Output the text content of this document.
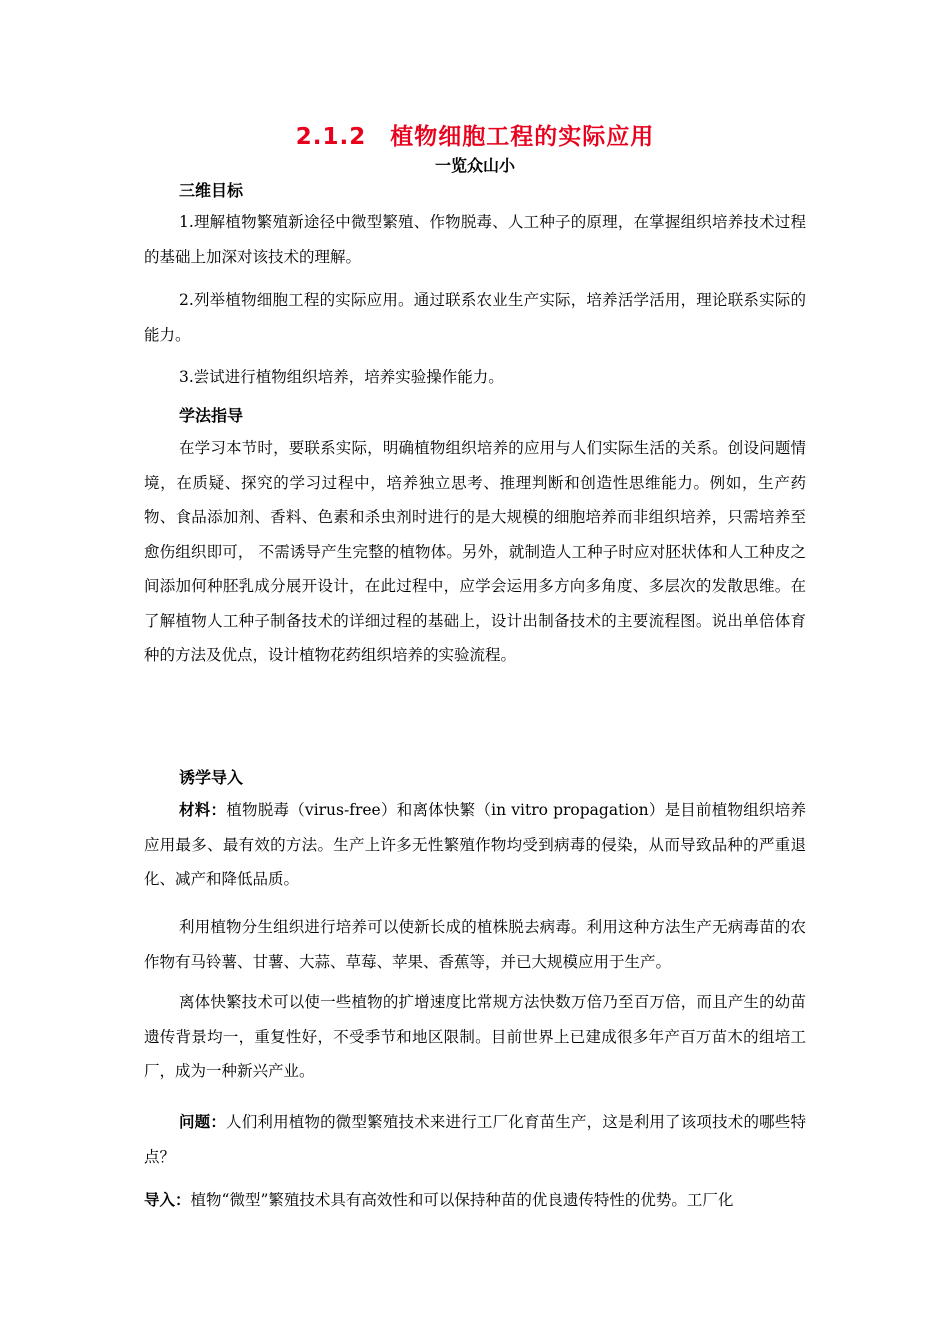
2.1.2　植物细胞工程的实际应用
一览众山小
三维目标

1.理解植物繁殖新途径中微型繁殖、作物脱毒、人工种子的原理，在掌握组织培养技术过程的基础上加深对该技术的理解。

2.列举植物细胞工程的实际应用。通过联系农业生产实际，培养活学活用，理论联系实际的能力。

3.尝试进行植物组织培养，培养实验操作能力。

学法指导

在学习本节时，要联系实际，明确植物组织培养的应用与人们实际生活的关系。创设问题情境，在质疑、探究的学习过程中，培养独立思考、推理判断和创造性思维能力。例如，生产药物、食品添加剂、香料、色素和杀虫剂时进行的是大规模的细胞培养而非组织培养，只需培养至愈伤组织即可， 不需诱导产生完整的植物体。另外，就制造人工种子时应对胚状体和人工种皮之间添加何种胚乳成分展开设计，在此过程中，应学会运用多方向多角度、多层次的发散思维。在了解植物人工种子制备技术的详细过程的基础上，设计出制备技术的主要流程图。说出单倍体育种的方法及优点，设计植物花药组织培养的实验流程。

诱学导入

材料：植物脱毒（virus-free）和离体快繁（in vitro propagation）是目前植物组织培养应用最多、最有效的方法。生产上许多无性繁殖作物均受到病毒的侵染，从而导致品种的严重退化、减产和降低品质。

利用植物分生组织进行培养可以使新长成的植株脱去病毒。利用这种方法生产无病毒苗的农作物有马铃薯、甘薯、大蒜、草莓、苹果、香蕉等，并已大规模应用于生产。

离体快繁技术可以使一些植物的扩增速度比常规方法快数万倍乃至百万倍，而且产生的幼苗遗传背景均一，重复性好，不受季节和地区限制。目前世界上已建成很多年产百万苗木的组培工厂，成为一种新兴产业。

问题：人们利用植物的微型繁殖技术来进行工厂化育苗生产，这是利用了该项技术的哪些特点？

导入：植物“微型”繁殖技术具有高效性和可以保持种苗的优良遗传特性的优势。工厂化
